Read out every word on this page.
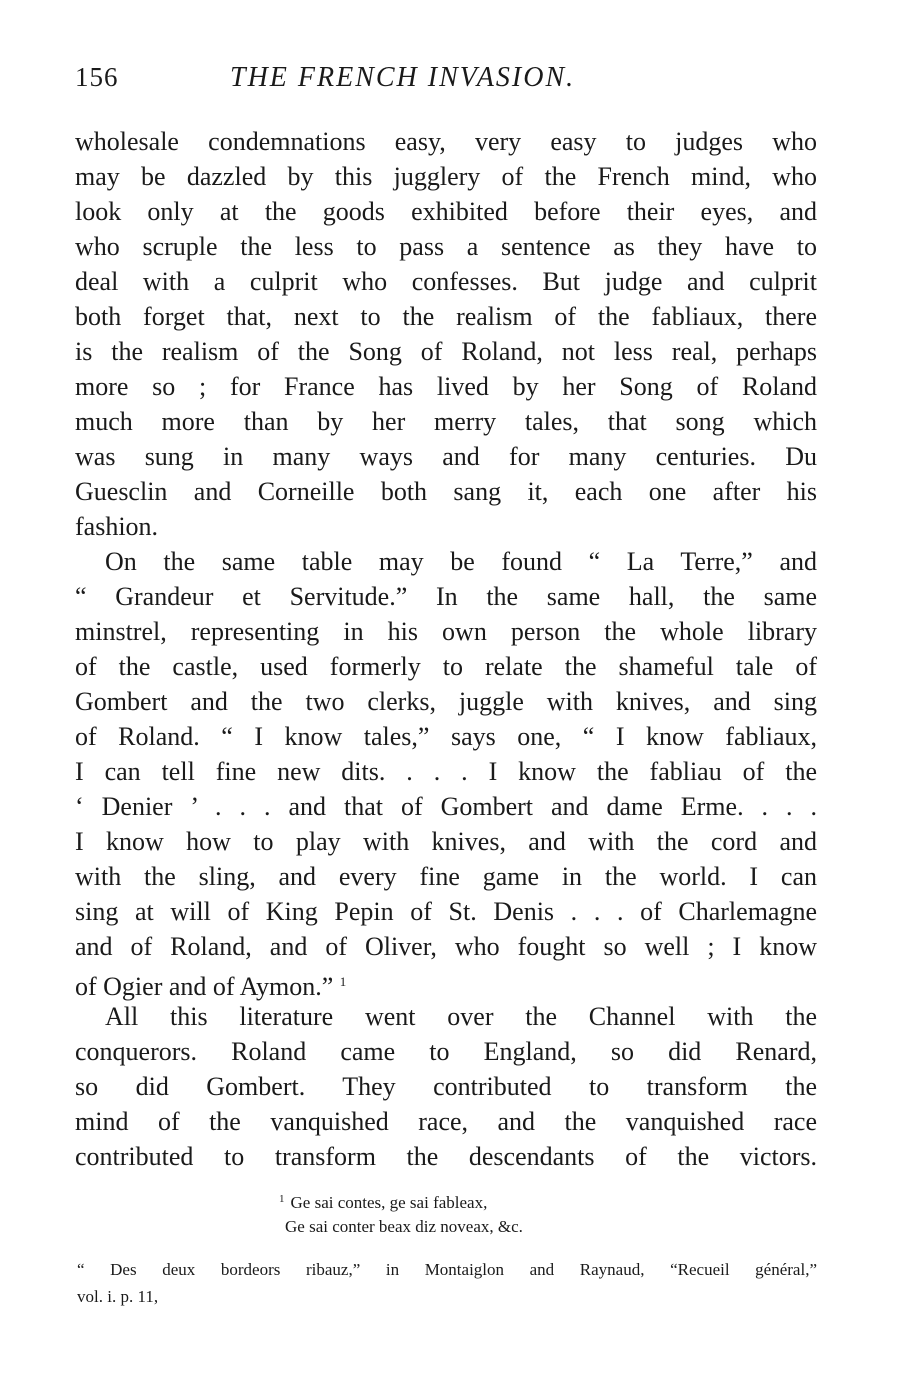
156	THE FRENCH INVASION.
wholesale condemnations easy, very easy to judges who
may be dazzled by this jugglery of the French mind, who
look only at the goods exhibited before their eyes, and
who scruple the less to pass a sentence as they have to
deal with a culprit who confesses. But judge and culprit
both forget that, next to the realism of the fabliaux, there
is the realism of the Song of Roland, not less real, perhaps
more so ; for France has lived by her Song of Roland
much more than by her merry tales, that song which
was sung in many ways and for many centuries. Du
Guesclin and Corneille both sang it, each one after his
fashion.
On the same table may be found “ La Terre,” and
“ Grandeur et Servitude.” In the same hall, the same
minstrel, representing in his own person the whole library
of the castle, used formerly to relate the shameful tale of
Gombert and the two clerks, juggle with knives, and sing
of Roland. “ I know tales,” says one, “ I know fabliaux,
I can tell fine new dits. . . . I know the fabliau of the
‘ Denier ’ . . . and that of Gombert and dame Erme. . . .
I know how to play with knives, and with the cord and
with the sling, and every fine game in the world. I can
sing at will of King Pepin of St. Denis . . . of Charlemagne
and of Roland, and of Oliver, who fought so well ; I know
of Ogier and of Aymon.” $^1$
All this literature went over the Channel with the
conquerors. Roland came to England, so did Renard,
so did Gombert. They contributed to transform the
mind of the vanquished race, and the vanquished race
contributed to transform the descendants of the victors.
$^1$ Ge sai contes, ge sai fableax,
Ge sai conter beax diz noveax, &c.
“ Des deux bordeors ribauz,” in Montaiglon and Raynaud, “Recueil général,”
vol. i. p. 11,
